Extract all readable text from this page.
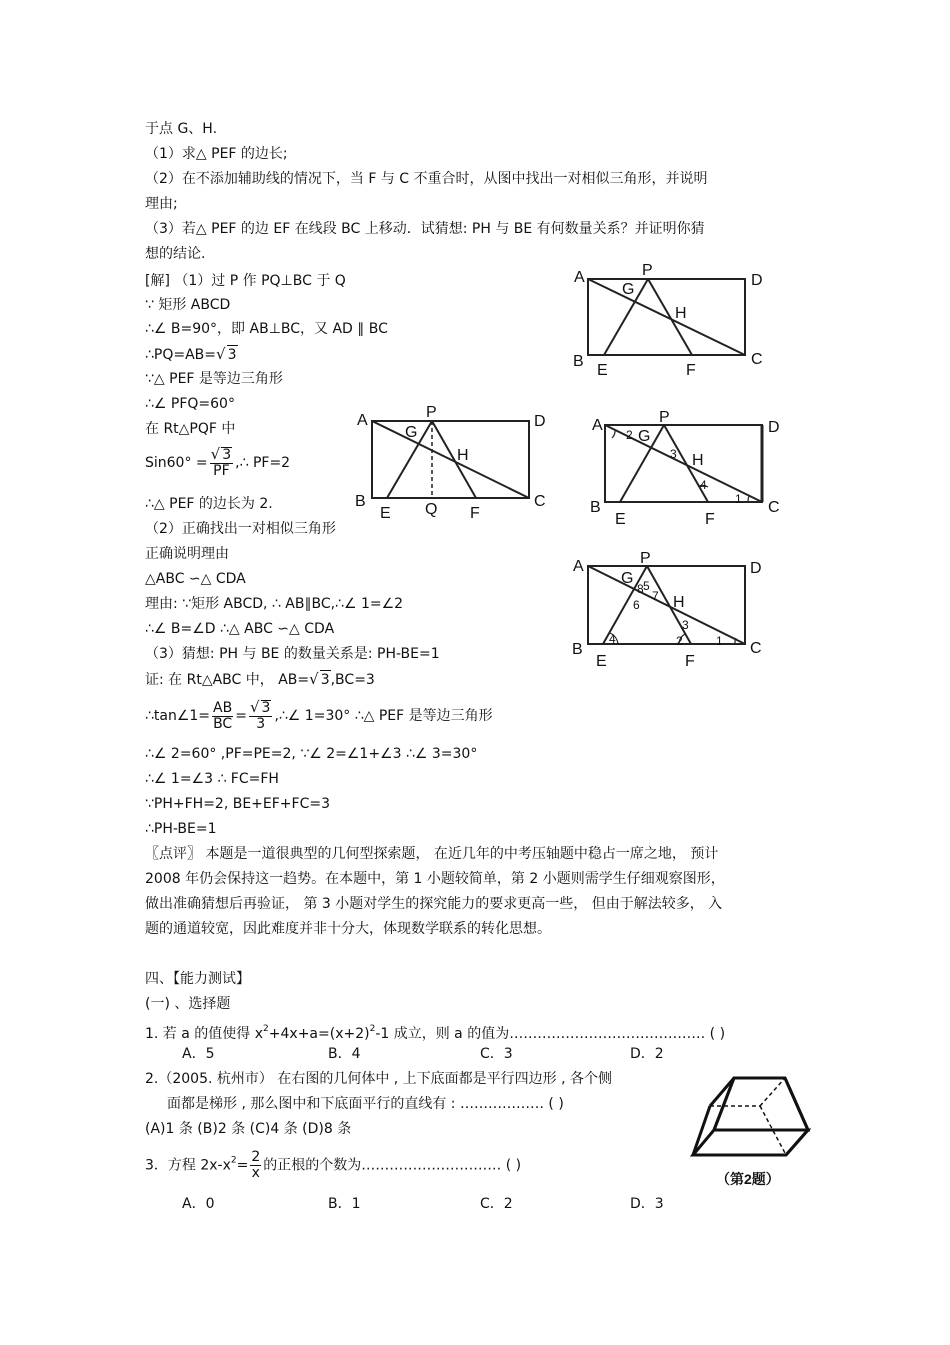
于点 G、H.
（1）求△ PEF 的边长;
（2）在不添加辅助线的情况下，当 F 与 C 不重合时，从图中找出一对相似三角形，并说明
理由;
（3）若△ PEF 的边 EF 在线段 BC 上移动．试猜想: PH 与 BE 有何数量关系？并证明你猜
想的结论.
[解] （1）过 P 作 PQ⊥BC 于 Q
∵ 矩形 ABCD
∴∠ B=90°，即 AB⊥BC，又 AD ∥ BC
∴PQ=AB=√ 3
∵△ PEF 是等边三角形
∴∠ PFQ=60°
在 Rt△PQF 中
$Sin60^\circ = \frac{√ 3}{PF}$ ,∴ PF=2
∴△ PEF 的边长为 2.
（2）正确找出一对相似三角形
正确说明理由
△ABC ∽△ CDA
理由: ∵矩形 ABCD, ∴ AB∥BC,∴∠ 1=∠2
∴∠ B=∠D ∴△ ABC ∽△ CDA
（3）猜想: PH 与 BE 的数量关系是: PH-BE=1
证: 在 Rt△ABC 中， AB=√ 3,BC=3
∴tan∠1= $\frac{AB}{BC} = \frac{√ 3}{3}$ ,∴∠ 1=30° ∴△ PEF 是等边三角形
∴∠ 2=60° ,PF=PE=2, ∵∠ 2=∠1+∠3 ∴∠ 3=30°
∴∠ 1=∠3 ∴ FC=FH
∵PH+FH=2, BE+EF+FC=3
∴PH-BE=1
〖点评〗 本题是一道很典型的几何型探索题， 在近几年的中考压轴题中稳占一席之地， 预计
2008 年仍会保持这一趋势。在本题中，第 1 小题较简单，第 2 小题则需学生仔细观察图形，
做出准确猜想后再验证， 第 3 小题对学生的探究能力的要求更高一些， 但由于解法较多， 入
题的通道较宽，因此难度并非十分大，体现数学联系的转化思想。
四、【能力测试】
(一) 、选择题
1. 若 a 的值使得 $x^2+4x+a=(x+2)^2-1$ 成立，则 a 的值为…………………………………… ( )
A．5	B．4	C．3	D．2
2.（2005. 杭州市） 在右图的几何体中 , 上下底面都是平行四边形 , 各个侧
面都是梯形 , 那么图中和下底面平行的直线有 : ……………… ( )
(A)1 条 (B)2 条 (C)4 条 (D)8 条
3．方程 $2x-x^2= \frac{2}{x}$ 的正根的个数为………………………… ( )
A．0	B．1	C．2	D．3
A	P
D
G
H
B	C
E	F
A	P
D
G
H
B	C
E Q F
A	P
D
G
H
B	C
E	F
2
3
4
1
A	P
D
G
H
B	C
E	F
5
8 7
6
3
2
4	1
（第2题）
